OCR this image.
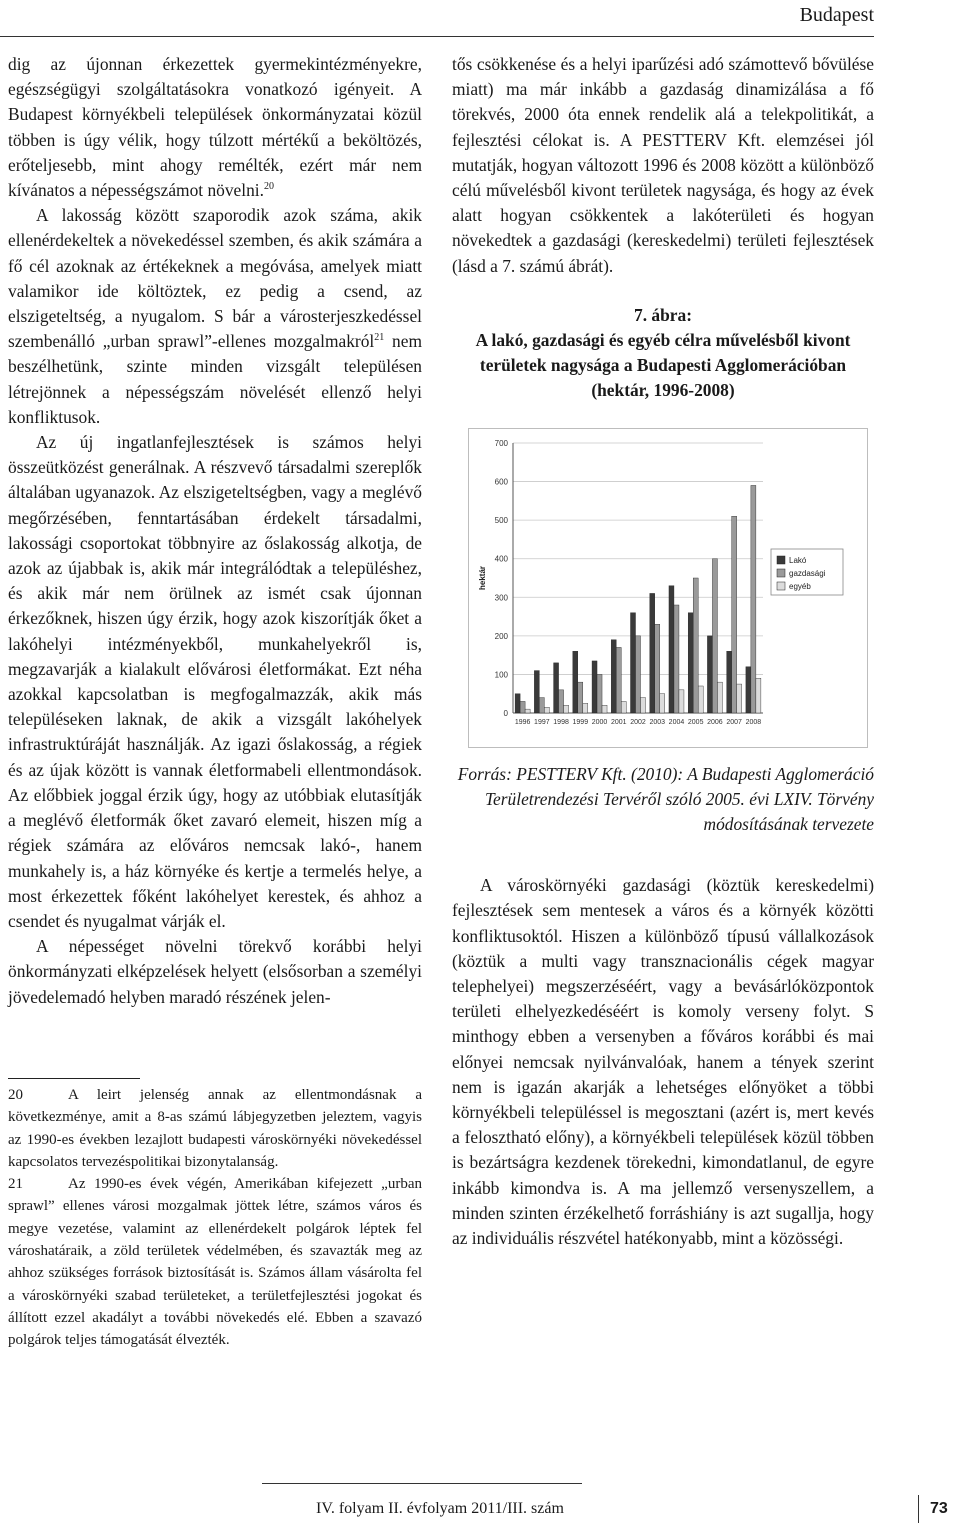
Budapest

dig az újonnan érkezettek gyermekintézményekre, egészségügyi szolgáltatásokra vonatkozó igényeit. A Budapest környékbeli települések önkormányzatai közül többen is úgy vélik, hogy túlzott mértékű a beköltözés, erőteljesebb, mint ahogy remélték, ezért már nem kívánatos a népességszámot növelni.$^{20}$

A lakosság között szaporodik azok száma, akik ellenérdekeltek a növekedéssel szemben, és akik számára a fő cél azoknak az értékeknek a megóvása, amelyek miatt valamikor ide költöztek, ez pedig a csend, az elszigeteltség, a nyugalom. S bár a városterjeszkedéssel szembenálló „urban sprawl”-ellenes mozgalmakról$^{21}$ nem beszélhetünk, szinte minden vizsgált településen létrejönnek a népességszám növelését ellenző helyi konfliktusok.

Az új ingatlanfejlesztések is számos helyi összeütközést generálnak. A részvevő társadalmi szereplők általában ugyanazok. Az elszigeteltségben, vagy a meglévő megőrzésében, fenntartásában érdekelt társadalmi, lakossági csoportokat többnyire az őslakosság alkotja, de azok az újabbak is, akik már integrálódtak a településhez, és akik már nem örülnek az ismét csak újonnan érkezőknek, hiszen úgy érzik, hogy azok kiszorítják őket a lakóhelyi intézményekből, munkahelyekről is, megzavarják a kialakult elővárosi életformákat. Ezt néha azokkal kapcsolatban is megfogalmazzák, akik más településeken laknak, de akik a vizsgált lakóhelyek infrastruktúráját használják. Az igazi őslakosság, a régiek és az újak között is vannak életformabeli ellentmondások. Az előbbiek joggal érzik úgy, hogy az utóbbiak elutasítják a meglévő életformák őket zavaró elemeit, hiszen míg a régiek számára az előváros nemcsak lakó-, hanem munkahely is, a ház környéke és kertje a termelés helye, a most érkezettek főként lakóhelyet kerestek, és ahhoz a csendet és nyugalmat várják el.

A népességet növelni törekvő korábbi helyi önkormányzati elképzelések helyett (elsősorban a személyi jövedelemadó helyben maradó részének jelen-

20	A leirt jelenség annak az ellentmondásnak a következménye, amit a 8-as számú lábjegyzetben jeleztem, vagyis az 1990-es években lezajlott budapesti városkörnyéki növekedéssel kapcsolatos tervezéspolitikai bizonytalanság.

21	Az 1990-es évek végén, Amerikában kifejezett „urban sprawl” ellenes városi mozgalmak jöttek létre, számos város és megye vezetése, valamint az ellenérdekelt polgárok léptek fel városhatáraik, a zöld területek védelmében, és szavazták meg az ahhoz szükséges források biztosítását is. Számos állam vásárolta fel a városkörnyéki szabad területeket, a területfejlesztési jogokat és állított ezzel akadályt a további növekedés elé. Ebben a szavazó polgárok teljes támogatását élvezték.

tős csökkenése és a helyi iparűzési adó számottevő bővülése miatt) ma már inkább a gazdaság dinamizálása a fő törekvés, 2000 óta ennek rendelik alá a telekpolitikát, a fejlesztési célokat is. A PESTTERV Kft. elemzései jól mutatják, hogyan változott 1996 és 2008 között a különböző célú művelésből kivont területek nagysága, és hogy az évek alatt hogyan csökkentek a lakóterületi és hogyan növekedtek a gazdasági (kereskedelmi) területi fejlesztések (lásd a 7. számú ábrát).

7. ábra:
A lakó, gazdasági és egyéb célra művelésből kivont területek nagysága a Budapesti Agglomerációban (hektár, 1996-2008)
0
100
200
300
400
500
600
700
hektár
1996 1997 1998 1999 2000 2001 2002 2003 2004 2005 2006 2007 2008
Lakó
gazdasági
egyéb
Forrás: PESTTERV Kft. (2010): A Budapesti Agglomeráció Területrendezési Tervéről szóló 2005. évi LXIV. Törvény módosításának tervezete

A városkörnyéki gazdasági (köztük kereskedelmi) fejlesztések sem mentesek a város és a környék közötti konfliktusoktól. Hiszen a különböző típusú vállalkozások (köztük a multi vagy transznacionális cégek magyar telephelyei) megszerzéséért, vagy a bevásárlóközpontok területi elhelyezkedéséért is komoly verseny folyt. S minthogy ebben a versenyben a főváros korábbi és mai előnyei nemcsak nyilvánvalóak, hanem a tények szerint nem is igazán akarják a lehetséges előnyöket a többi környékbeli településsel is megosztani (azért is, mert kevés a felosztható előny), a környékbeli települések közül többen is bezártságra kezdenek törekedni, kimondatlanul, de egyre inkább kimondva is. A ma jellemző versenyszellem, a minden szinten érzékelhető forráshiány is azt sugallja, hogy az individuális részvétel hatékonyabb, mint a közösségi.

IV. folyam II. évfolyam 2011/III. szám	73
